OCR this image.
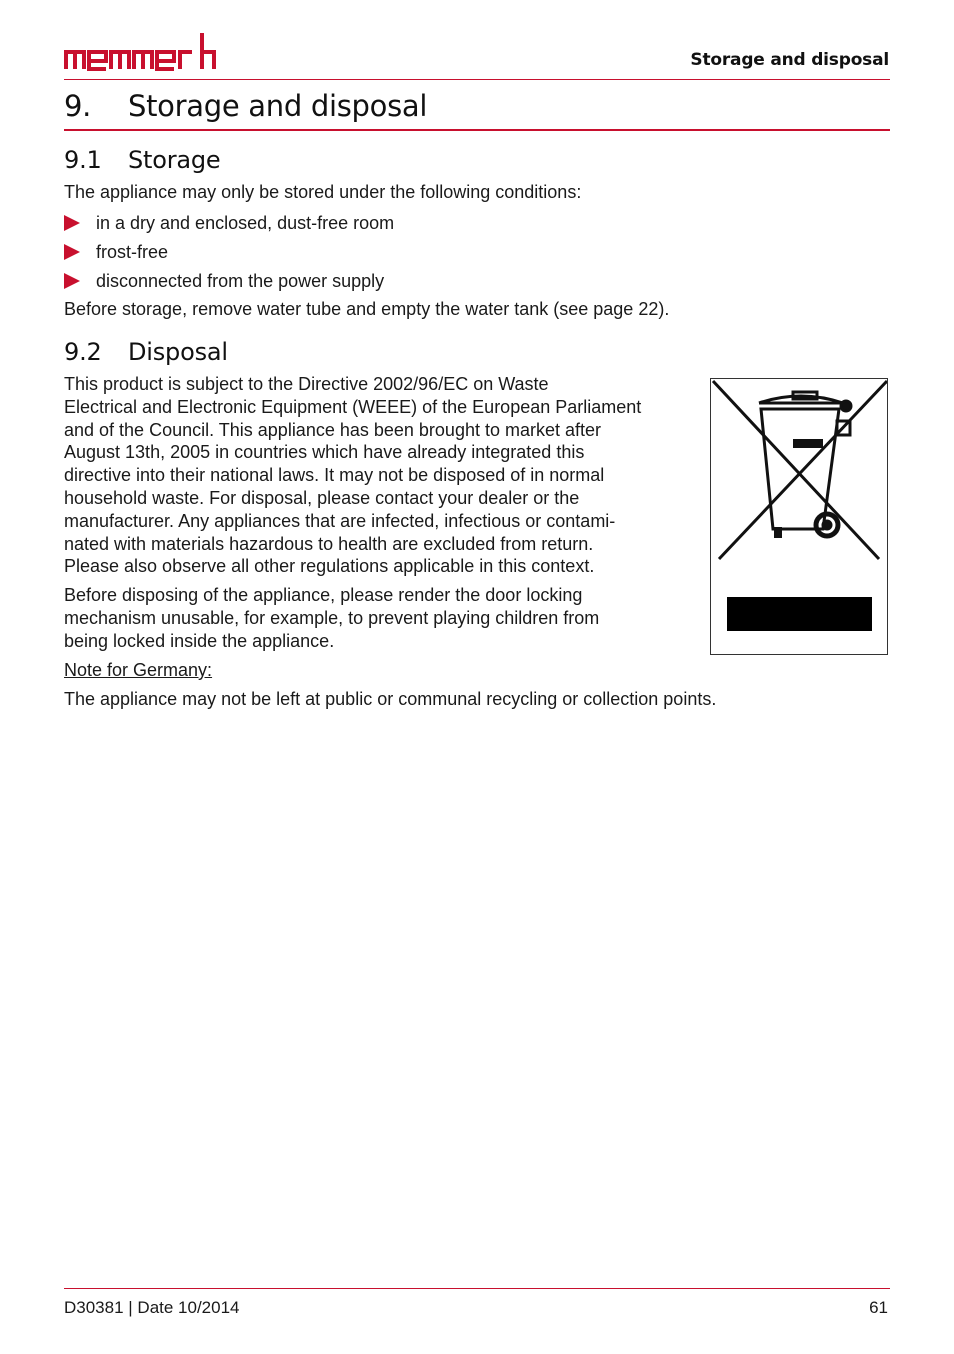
Storage and disposal
9. Storage and disposal
9.1 Storage
The appliance may only be stored under the following conditions:
in a dry and enclosed, dust-free room
frost-free
disconnected from the power supply
Before storage, remove water tube and empty the water tank (see page 22).
9.2 Disposal
This product is subject to the Directive 2002/96/EC on Waste
Electrical and Electronic Equipment (WEEE) of the European Parliament
and of the Council. This appliance has been brought to market after
August 13th, 2005 in countries which have already integrated this
directive into their national laws. It may not be disposed of in normal
household waste. For disposal, please contact your dealer or the
manufacturer. Any appliances that are infected, infectious or contami-
nated with materials hazardous to health are excluded from return.
Please also observe all other regulations applicable in this context.
Before disposing of the appliance, please render the door locking
mechanism unusable, for example, to prevent playing children from
being locked inside the appliance.
Note for Germany:
The appliance may not be left at public or communal recycling or collection points.
D30381 | Date 10/2014	61
